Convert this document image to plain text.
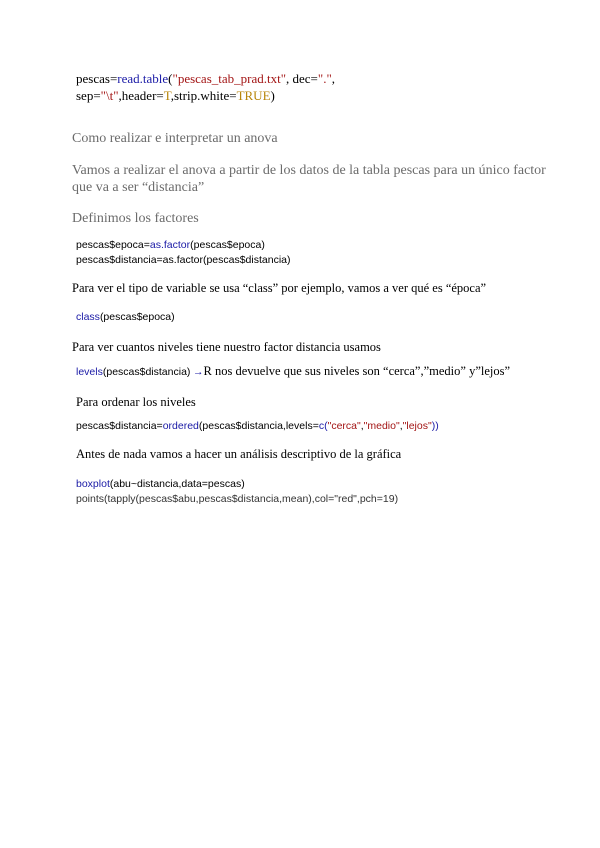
pescas=read.table("pescas_tab_prad.txt", dec=".",
sep="\t",header=T,strip.white=TRUE)
Como realizar e interpretar un anova
Vamos a realizar el anova a partir de los datos de la tabla pescas para un único factor
que va a ser “distancia”
Definimos los factores
pescas$epoca=as.factor(pescas$epoca)
pescas$distancia=as.factor(pescas$distancia)
Para ver el tipo de variable se usa “class” por ejemplo, vamos a ver qué es “época”
class(pescas$epoca)
Para ver cuantos niveles tiene nuestro factor distancia usamos
levels(pescas$distancia) →R nos devuelve que sus niveles son “cerca”,”medio” y”lejos”
Para ordenar los niveles
pescas$distancia=ordered(pescas$distancia,levels=c("cerca","medio","lejos"))
Antes de nada vamos a hacer un análisis descriptivo de la gráfica
boxplot(abu~distancia,data=pescas)
points(tapply(pescas$abu,pescas$distancia,mean),col="red",pch=19)
